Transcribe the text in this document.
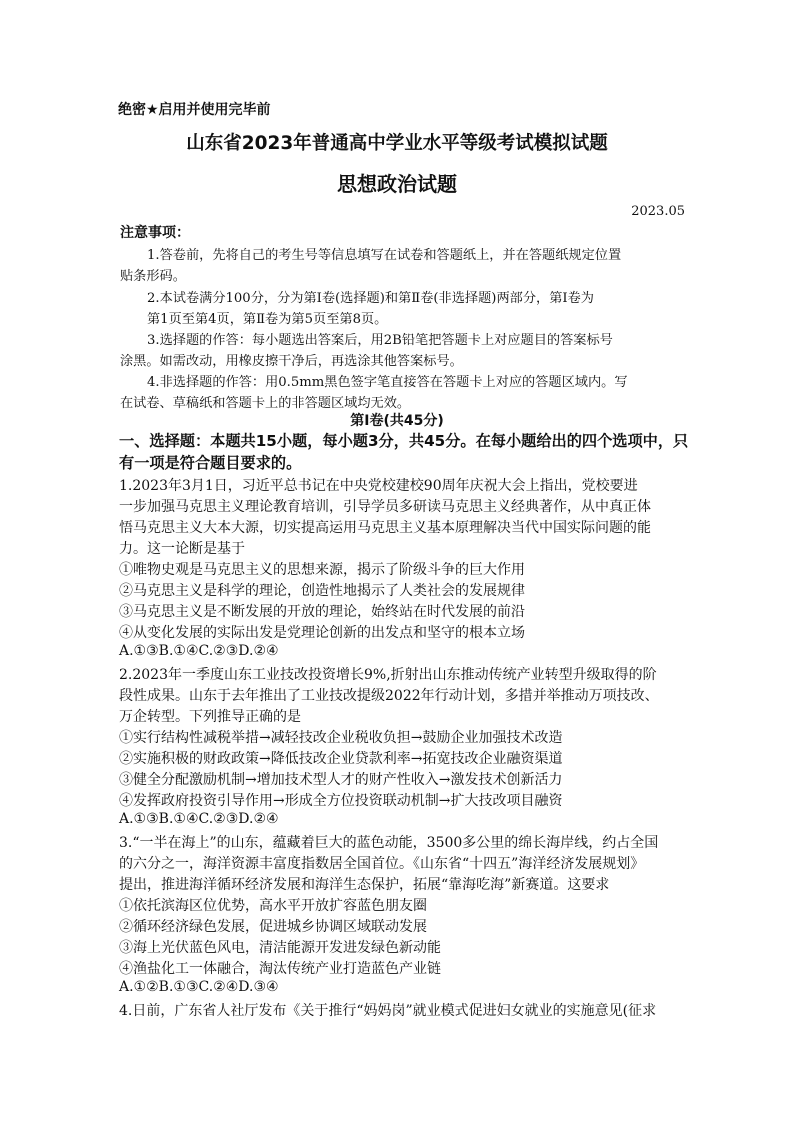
绝密★启用并使用完毕前
山东省2023年普通高中学业水平等级考试模拟试题
思想政治试题
2023.05
注意事项：
1.答卷前，先将自己的考生号等信息填写在试卷和答题纸上，并在答题纸规定位置
贴条形码。
2.本试卷满分100分，分为第Ⅰ卷(选择题)和第Ⅱ卷(非选择题)两部分，第Ⅰ卷为
第1页至第4页，第Ⅱ卷为第5页至第8页。
3.选择题的作答：每小题选出答案后，用2B铅笔把答题卡上对应题目的答案标号
涂黑。如需改动，用橡皮擦干净后，再选涂其他答案标号。
4.非选择题的作答：用0.5mm黑色签字笔直接答在答题卡上对应的答题区域内。写
在试卷、草稿纸和答题卡上的非答题区域均无效。
第Ⅰ卷(共45分)
一、选择题：本题共15小题，每小题3分，共45分。在每小题给出的四个选项中，只
有一项是符合题目要求的。
1.2023年3月1日，习近平总书记在中央党校建校90周年庆祝大会上指出，党校要进
一步加强马克思主义理论教育培训，引导学员多研读马克思主义经典著作，从中真正体
悟马克思主义大本大源，切实提高运用马克思主义基本原理解决当代中国实际问题的能
力。这一论断是基于
①唯物史观是马克思主义的思想来源，揭示了阶级斗争的巨大作用
②马克思主义是科学的理论，创造性地揭示了人类社会的发展规律
③马克思主义是不断发展的开放的理论，始终站在时代发展的前沿
④从变化发展的实际出发是党理论创新的出发点和坚守的根本立场
A.①③B.①④C.②③D.②④
2.2023年一季度山东工业技改投资增长9%,折射出山东推动传统产业转型升级取得的阶
段性成果。山东于去年推出了工业技改提级2022年行动计划，多措并举推动万项技改、
万企转型。下列推导正确的是
①实行结构性减税举措→减轻技改企业税收负担→鼓励企业加强技术改造
②实施积极的财政政策→降低技改企业贷款利率→拓宽技改企业融资渠道
③健全分配激励机制→增加技术型人才的财产性收入→激发技术创新活力
④发挥政府投资引导作用→形成全方位投资联动机制→扩大技改项目融资
A.①③B.①④C.②③D.②④
3.“一半在海上”的山东，蕴藏着巨大的蓝色动能，3500多公里的绵长海岸线，约占全国
的六分之一，海洋资源丰富度指数居全国首位。《山东省“十四五”海洋经济发展规划》
提出，推进海洋循环经济发展和海洋生态保护，拓展“靠海吃海”新赛道。这要求
①依托滨海区位优势，高水平开放扩容蓝色朋友圈
②循环经济绿色发展，促进城乡协调区域联动发展
③海上光伏蓝色风电，清洁能源开发进发绿色新动能
④渔盐化工一体融合，淘汰传统产业打造蓝色产业链
A.①②B.①③C.②④D.③④
4.日前，广东省人社厅发布《关于推行“妈妈岗”就业模式促进妇女就业的实施意见(征求
